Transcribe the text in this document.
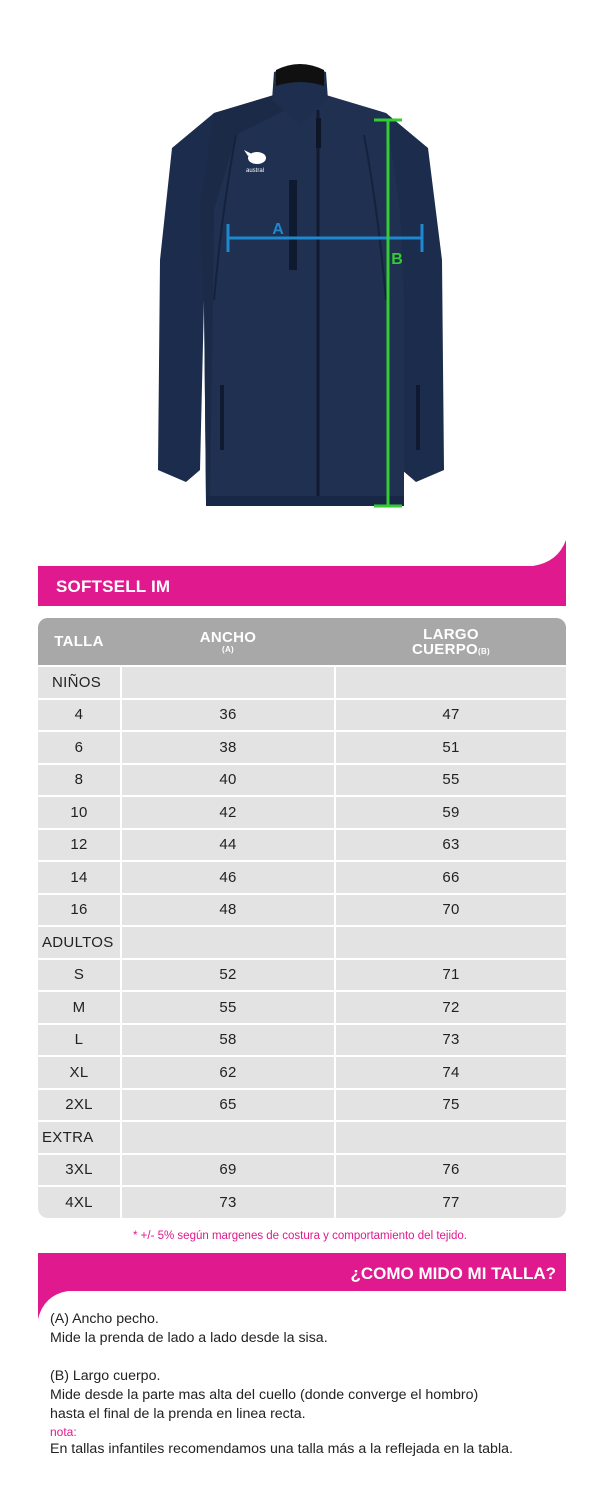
austral
A
B
SOFTSELL IM
TALLA	ANCHO
(A)
LARGO
CUERPO(B)
NIÑOS
4	36	47
6	38	51
8	40	55
10	42	59
12	44	63
14	46	66
16	48	70
ADULTOS
S	52	71
M	55	72
L	58	73
XL	62	74
2XL	65	75
EXTRA
3XL	69	76
4XL	73	77
* +/- 5% según margenes de costura y comportamiento del tejido.
¿COMO MIDO MI TALLA?

(A) Ancho pecho.

Mide la prenda de lado a lado desde la sisa.

(B) Largo cuerpo.

Mide desde la parte mas alta del cuello (donde converge el hombro)

hasta el final de la prenda en linea recta.

nota:

En tallas infantiles recomendamos una talla más a la reflejada en la tabla.
